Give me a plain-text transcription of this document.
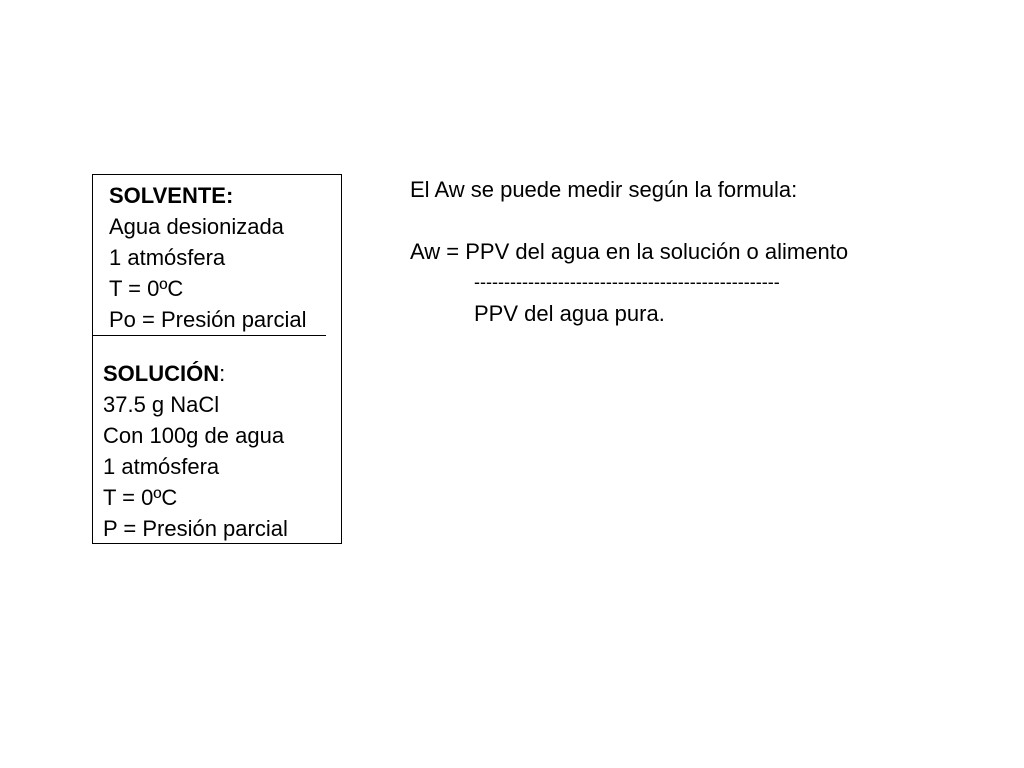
SOLVENTE:
Agua desionizada
1 atmósfera
T = 0ºC
Po = Presión parcial
SOLUCIÓN:
37.5 g NaCl
Con 100g de agua
1 atmósfera
T = 0ºC
P = Presión parcial
El Aw se puede medir según la formula:
Aw = PPV del agua en la solución o alimento
---------------------------------------------------
PPV del agua pura.
